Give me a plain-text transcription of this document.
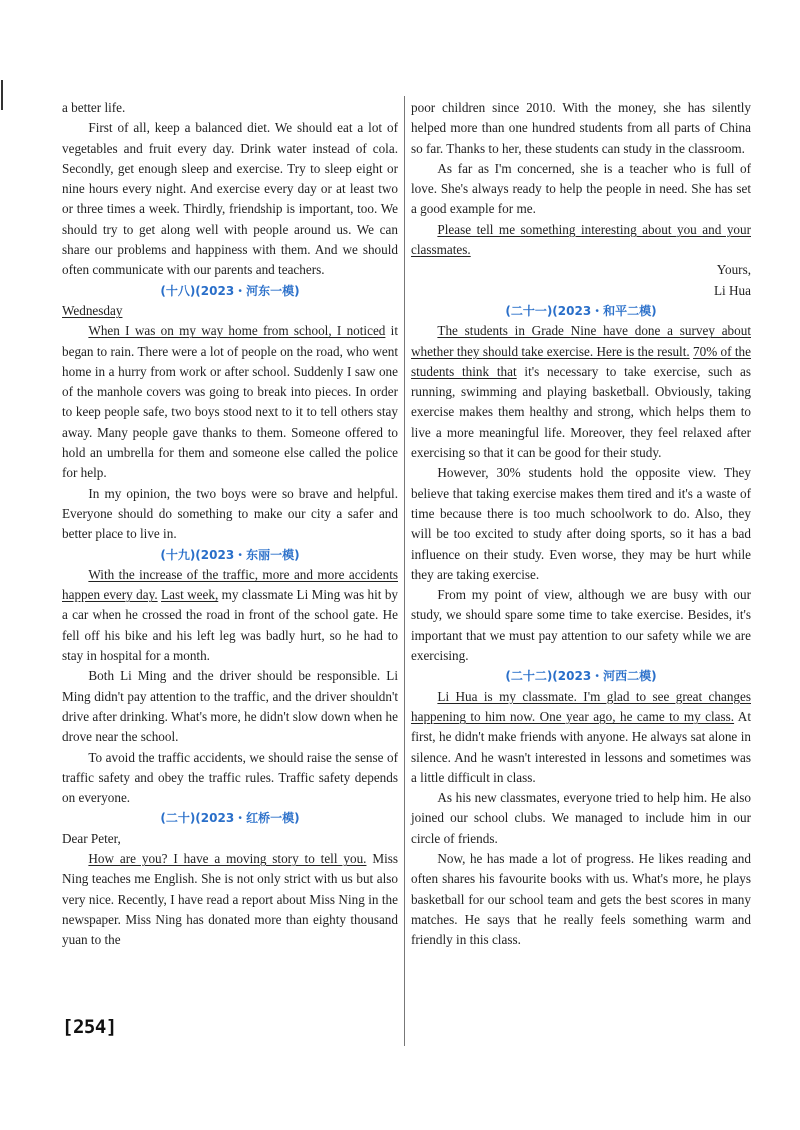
a better life.

First of all, keep a balanced diet. We should eat a lot of vegetables and fruit every day. Drink water instead of cola. Secondly, get enough sleep and exercise. Try to sleep eight or nine hours every night. And exercise every day or at least two or three times a week. Thirdly, friendship is important, too. We should try to get along well with people around us. We can share our problems and happiness with them. And we should often communicate with our parents and teachers.

(十八)(2023・河东一模)

Wednesday

When I was on my way home from school, I noticed it began to rain. There were a lot of people on the road, who went home in a hurry from work or after school. Suddenly I saw one of the manhole covers was going to break into pieces. In order to keep people safe, two boys stood next to it to tell others stay away. Many people gave thanks to them. Someone offered to hold an umbrella for them and someone else called the police for help.

In my opinion, the two boys were so brave and helpful. Everyone should do something to make our city a safer and better place to live in.

(十九)(2023・东丽一模)

With the increase of the traffic, more and more accidents happen every day. Last week, my classmate Li Ming was hit by a car when he crossed the road in front of the school gate. He fell off his bike and his left leg was badly hurt, so he had to stay in hospital for a month.

Both Li Ming and the driver should be responsible. Li Ming didn't pay attention to the traffic, and the driver shouldn't drive after drinking. What's more, he didn't slow down when he drove near the school.

To avoid the traffic accidents, we should raise the sense of traffic safety and obey the traffic rules. Traffic safety depends on everyone.

(二十)(2023・红桥一模)

Dear Peter,

How are you? I have a moving story to tell you. Miss Ning teaches me English. She is not only strict with us but also very nice. Recently, I have read a report about Miss Ning in the newspaper. Miss Ning has donated more than eighty thousand yuan to the

poor children since 2010. With the money, she has silently helped more than one hundred students from all parts of China so far. Thanks to her, these students can study in the classroom.

As far as I'm concerned, she is a teacher who is full of love. She's always ready to help the people in need. She has set a good example for me.

Please tell me something interesting about you and your classmates.

Yours,

Li Hua

(二十一)(2023・和平二模)

The students in Grade Nine have done a survey about whether they should take exercise. Here is the result. 70% of the students think that it's necessary to take exercise, such as running, swimming and playing basketball. Obviously, taking exercise makes them healthy and strong, which helps them to live a more meaningful life. Moreover, they feel relaxed after exercising so that it can be good for their study.

However, 30% students hold the opposite view. They believe that taking exercise makes them tired and it's a waste of time because there is too much schoolwork to do. Also, they will be too excited to study after doing sports, so it has a bad influence on their study. Even worse, they may be hurt while they are taking exercise.

From my point of view, although we are busy with our study, we should spare some time to take exercise. Besides, it's important that we must pay attention to our safety while we are exercising.

(二十二)(2023・河西二模)

Li Hua is my classmate. I'm glad to see great changes happening to him now. One year ago, he came to my class. At first, he didn't make friends with anyone. He always sat alone in silence. And he wasn't interested in lessons and sometimes was a little difficult in class.

As his new classmates, everyone tried to help him. He also joined our school clubs. We managed to include him in our circle of friends.

Now, he has made a lot of progress. He likes reading and often shares his favourite books with us. What's more, he plays basketball for our school team and gets the best scores in many matches. He says that he really feels something warm and friendly in this class.

[254]
